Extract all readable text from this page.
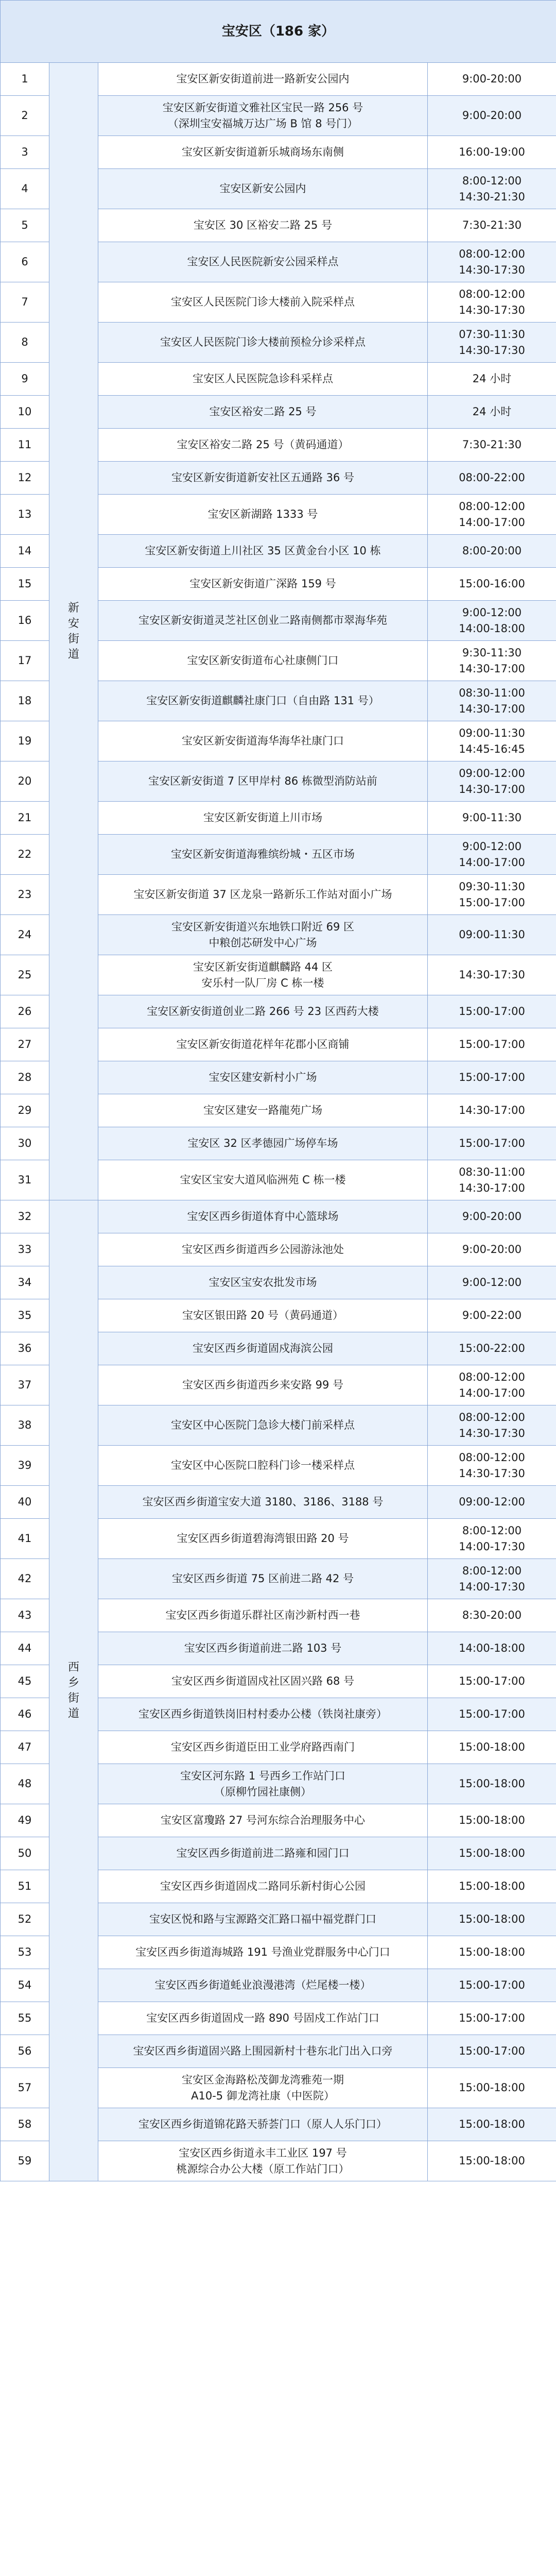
宝安区（186 家）			
1	新安街道	宝安区新安街道前进一路新安公园内	9:00-20:00
2		宝安区新安街道文雅社区宝民一路 256 号
（深圳宝安福城万达广场 B 馆 8 号门）	9:00-20:00
3		宝安区新安街道新乐城商场东南侧	16:00-19:00
4		宝安区新安公园内	8:00-12:00
14:30-21:30
5		宝安区 30 区裕安二路 25 号	7:30-21:30
6		宝安区人民医院新安公园采样点	08:00-12:00
14:30-17:30
7		宝安区人民医院门诊大楼前入院采样点	08:00-12:00
14:30-17:30
8		宝安区人民医院门诊大楼前预检分诊采样点	07:30-11:30
14:30-17:30
9		宝安区人民医院急诊科采样点	24 小时
10		宝安区裕安二路 25 号	24 小时
11		宝安区裕安二路 25 号（黄码通道）	7:30-21:30
12		宝安区新安街道新安社区五通路 36 号	08:00-22:00
13		宝安区新湖路 1333 号	08:00-12:00
14:00-17:00
14		宝安区新安街道上川社区 35 区黄金台小区 10 栋	8:00-20:00
15		宝安区新安街道广深路 159 号	15:00-16:00
16		宝安区新安街道灵芝社区创业二路南侧都市翠海华苑	9:00-12:00
14:00-18:00
17		宝安区新安街道布心社康侧门口	9:30-11:30
14:30-17:00
18		宝安区新安街道麒麟社康门口（自由路 131 号）	08:30-11:00
14:30-17:00
19		宝安区新安街道海华海华社康门口	09:00-11:30
14:45-16:45
20		宝安区新安街道 7 区甲岸村 86 栋微型消防站前	09:00-12:00
14:30-17:00
21		宝安区新安街道上川市场	9:00-11:30
22		宝安区新安街道海雅缤纷城・五区市场	9:00-12:00
14:00-17:00
23		宝安区新安街道 37 区龙泉一路新乐工作站对面小广场	09:30-11:30
15:00-17:00
24		宝安区新安街道兴东地铁口附近 69 区
中粮创芯研发中心广场	09:00-11:30
25		宝安区新安街道麒麟路 44 区
安乐村一队厂房 C 栋一楼	14:30-17:30
26		宝安区新安街道创业二路 266 号 23 区西药大楼	15:00-17:00
27		宝安区新安街道花样年花郡小区商铺	15:00-17:00
28		宝安区建安新村小广场	15:00-17:00
29		宝安区建安一路龍苑广场	14:30-17:00
30		宝安区 32 区孝德园广场停车场	15:00-17:00
31		宝安区宝安大道风临洲苑 C 栋一楼	08:30-11:00
14:30-17:00
32	西乡街道	宝安区西乡街道体育中心篮球场	9:00-20:00
33		宝安区西乡街道西乡公园游泳池处	9:00-20:00
34		宝安区宝安农批发市场	9:00-12:00
35		宝安区银田路 20 号（黄码通道）	9:00-22:00
36		宝安区西乡街道固戍海滨公园	15:00-22:00
37		宝安区西乡街道西乡来安路 99 号	08:00-12:00
14:00-17:00
38		宝安区中心医院门急诊大楼门前采样点	08:00-12:00
14:30-17:30
39		宝安区中心医院口腔科门诊一楼采样点	08:00-12:00
14:30-17:30
40		宝安区西乡街道宝安大道 3180、3186、3188 号	09:00-12:00
41		宝安区西乡街道碧海湾银田路 20 号	8:00-12:00
14:00-17:30
42		宝安区西乡街道 75 区前进二路 42 号	8:00-12:00
14:00-17:30
43		宝安区西乡街道乐群社区南沙新村西一巷	8:30-20:00
44		宝安区西乡街道前进二路 103 号	14:00-18:00
45		宝安区西乡街道固戍社区固兴路 68 号	15:00-17:00
46		宝安区西乡街道铁岗旧村村委办公楼（铁岗社康旁）	15:00-17:00
47		宝安区西乡街道臣田工业学府路西南门	15:00-18:00
48		宝安区河东路 1 号西乡工作站门口
（原柳竹园社康侧）	15:00-18:00
49		宝安区富瓊路 27 号河东综合治理服务中心	15:00-18:00
50		宝安区西乡街道前进二路雍和园门口	15:00-18:00
51		宝安区西乡街道固戍二路同乐新村街心公园	15:00-18:00
52		宝安区悦和路与宝源路交汇路口福中福党群门口	15:00-18:00
53		宝安区西乡街道海城路 191 号渔业党群服务中心门口	15:00-18:00
54		宝安区西乡街道蚝业浪漫港湾（烂尾楼一楼）	15:00-17:00
55		宝安区西乡街道固戍一路 890 号固戍工作站门口	15:00-17:00
56		宝安区西乡街道固兴路上围园新村十巷东北门出入口旁	15:00-17:00
57		宝安区金海路松茂御龙湾雅苑一期
A10-5 御龙湾社康（中医院）	15:00-18:00
58		宝安区西乡街道锦花路天骄荟门口（原人人乐门口）	15:00-18:00
59		宝安区西乡街道永丰工业区 197 号
桃源综合办公大楼（原工作站门口）	15:00-18:00
